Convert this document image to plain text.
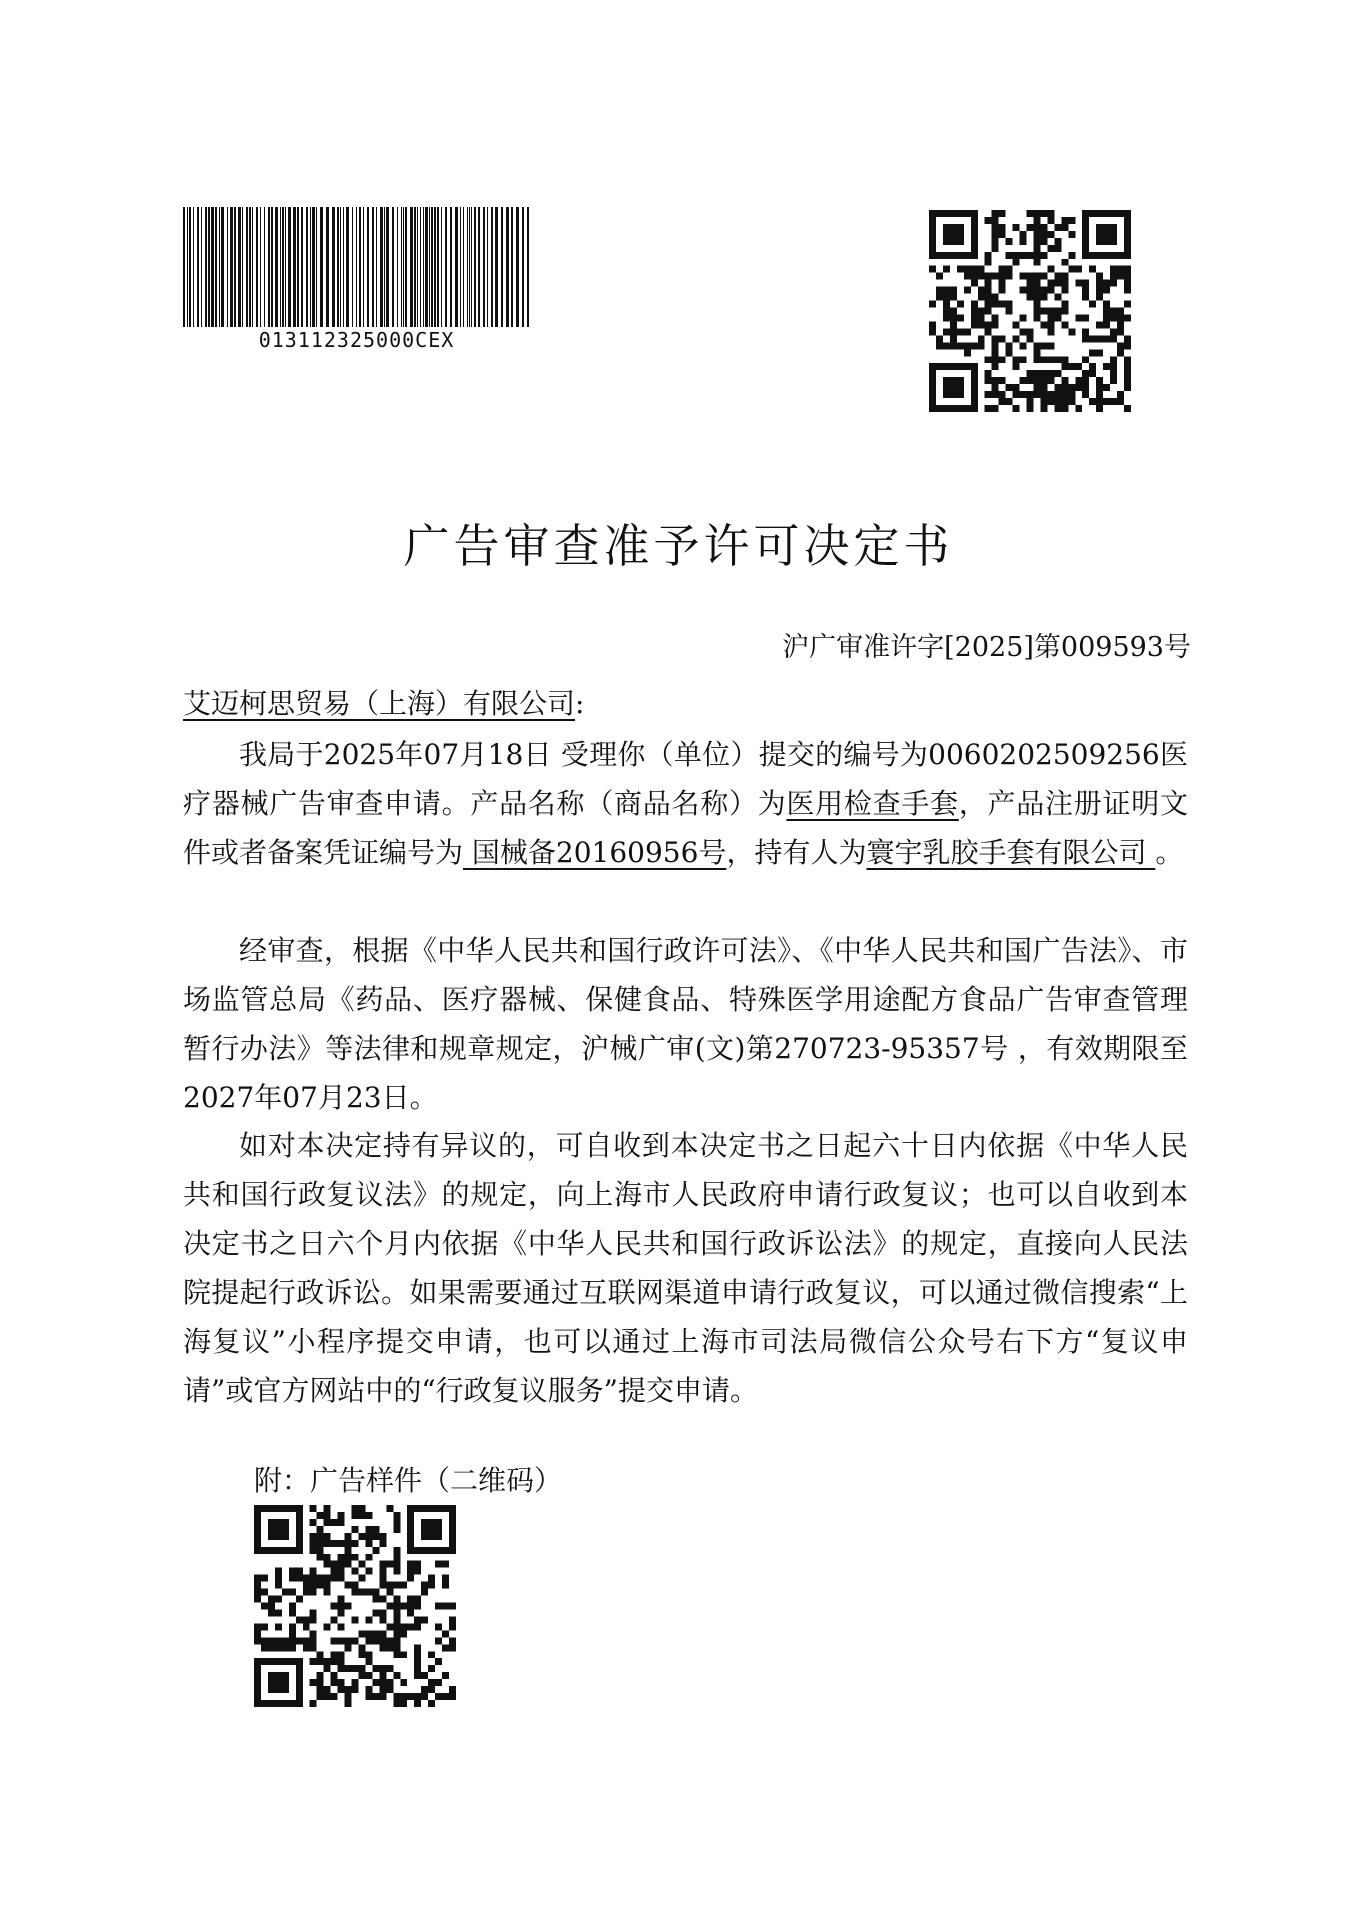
013112325000CEX
广告审查准予许可决定书
沪广审准许字[2025]第009593号
艾迈柯思贸易（上海）有限公司:

我局于2025年07月18日 受理你（单位）提交的编号为0060202509256医疗器械广告审查申请。产品名称（商品名称）为医用检查手套，产品注册证明文件或者备案凭证编号为 国械备20160956号，持有人为寰宇乳胶手套有限公司 。

经审查，根据《中华人民共和国行政许可法》、《中华人民共和国广告法》、市场监管总局《药品、医疗器械、保健食品、特殊医学用途配方食品广告审查管理暂行办法》等法律和规章规定，沪械广审(文)第270723-95357号 ，有效期限至2027年07月23日。

如对本决定持有异议的，可自收到本决定书之日起六十日内依据《中华人民共和国行政复议法》的规定，向上海市人民政府申请行政复议；也可以自收到本决定书之日六个月内依据《中华人民共和国行政诉讼法》的规定，直接向人民法院提起行政诉讼。如果需要通过互联网渠道申请行政复议，可以通过微信搜索“上海复议”小程序提交申请，也可以通过上海市司法局微信公众号右下方“复议申请”或官方网站中的“行政复议服务”提交申请。

附：广告样件（二维码）
